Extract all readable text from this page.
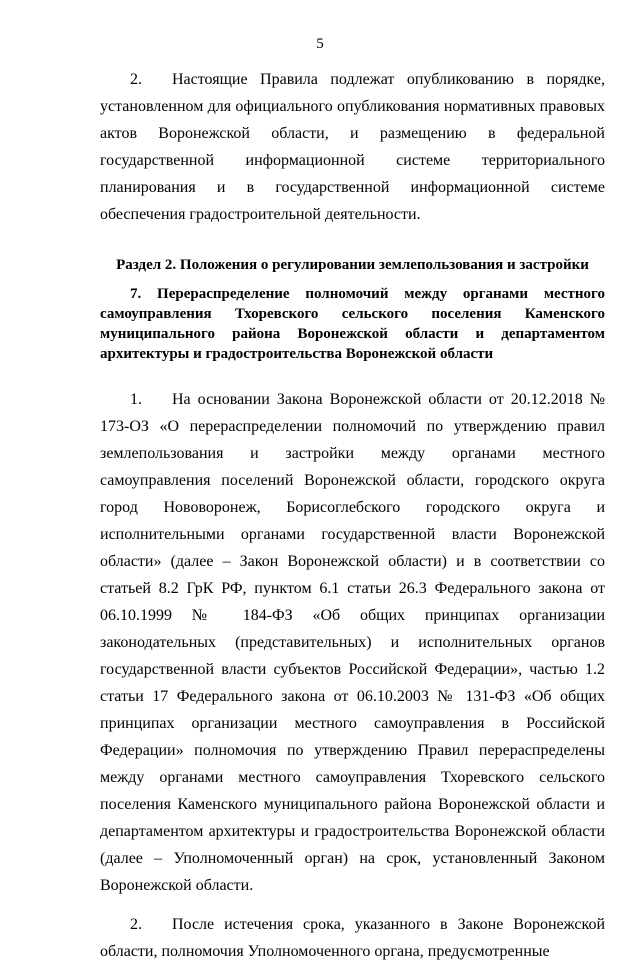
5

2. Настоящие Правила подлежат опубликованию в порядке, установленном для официального опубликования нормативных правовых актов Воронежской области, и размещению в федеральной государственной информационной системе территориального планирования и в государственной информационной системе обеспечения градостроительной деятельности.

Раздел 2. Положения о регулировании землепользования и застройки
7. Перераспределение полномочий между органами местного самоуправления Тхоревского сельского поселения Каменского муниципального района Воронежской области и департаментом архитектуры и градостроительства Воронежской области

1. На основании Закона Воронежской области от 20.12.2018 № 173-ОЗ «О перераспределении полномочий по утверждению правил землепользования и застройки между органами местного самоуправления поселений Воронежской области, городского округа город Нововоронеж, Борисоглебского городского округа и исполнительными органами государственной власти Воронежской области» (далее – Закон Воронежской области) и в соответствии со статьей 8.2 ГрК РФ, пунктом 6.1 статьи 26.3 Федерального закона от 06.10.1999 № 184-ФЗ «Об общих принципах организации законодательных (представительных) и исполнительных органов государственной власти субъектов Российской Федерации», частью 1.2 статьи 17 Федерального закона от 06.10.2003 № 131-ФЗ «Об общих принципах организации местного самоуправления в Российской Федерации» полномочия по утверждению Правил перераспределены между органами местного самоуправления Тхоревского сельского поселения Каменского муниципального района Воронежской области и департаментом архитектуры и градостроительства Воронежской области (далее – Уполномоченный орган) на срок, установленный Законом Воронежской области.

2. После истечения срока, указанного в Законе Воронежской области, полномочия Уполномоченного органа, предусмотренные
